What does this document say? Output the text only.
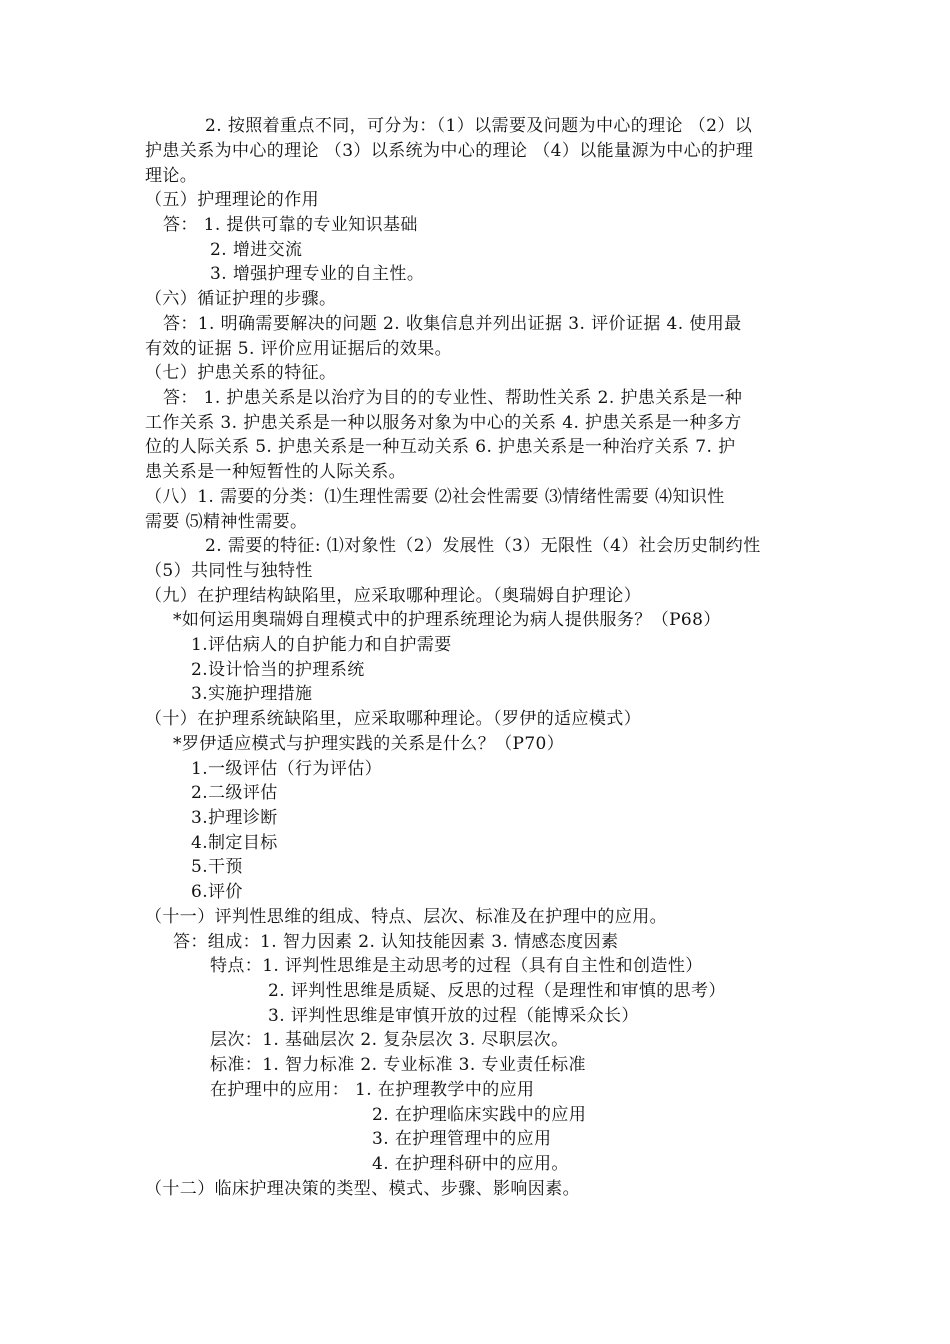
2. 按照着重点不同，可分为：（1）以需要及问题为中心的理论 （2）以
护患关系为中心的理论 （3）以系统为中心的理论 （4）以能量源为中心的护理
理论。
（五）护理理论的作用
答： 1. 提供可靠的专业知识基础
2. 增进交流
3. 增强护理专业的自主性。
（六）循证护理的步骤。
答：1. 明确需要解决的问题 2. 收集信息并列出证据 3. 评价证据 4. 使用最
有效的证据 5. 评价应用证据后的效果。
（七）护患关系的特征。
答： 1. 护患关系是以治疗为目的的专业性、帮助性关系 2. 护患关系是一种
工作关系 3. 护患关系是一种以服务对象为中心的关系 4. 护患关系是一种多方
位的人际关系 5. 护患关系是一种互动关系 6. 护患关系是一种治疗关系 7. 护
患关系是一种短暂性的人际关系。
（八）1. 需要的分类：⑴生理性需要 ⑵社会性需要 ⑶情绪性需要 ⑷知识性
需要 ⑸精神性需要。
2. 需要的特征: ⑴对象性（2）发展性（3）无限性（4）社会历史制约性
（5）共同性与独特性
（九）在护理结构缺陷里，应采取哪种理论。（奥瑞姆自护理论）
*如何运用奥瑞姆自理模式中的护理系统理论为病人提供服务？（P68）
1.评估病人的自护能力和自护需要
2.设计恰当的护理系统
3.实施护理措施
（十）在护理系统缺陷里，应采取哪种理论。（罗伊的适应模式）
*罗伊适应模式与护理实践的关系是什么？（P70）
1.一级评估（行为评估）
2.二级评估
3.护理诊断
4.制定目标
5.干预
6.评价
（十一）评判性思维的组成、特点、层次、标准及在护理中的应用。
答：组成：1. 智力因素 2. 认知技能因素 3. 情感态度因素
特点：1. 评判性思维是主动思考的过程（具有自主性和创造性）
2. 评判性思维是质疑、反思的过程（是理性和审慎的思考）
3. 评判性思维是审慎开放的过程（能博采众长）
层次：1. 基础层次 2. 复杂层次 3. 尽职层次。
标准：1. 智力标准 2. 专业标准 3. 专业责任标准
在护理中的应用： 1. 在护理教学中的应用
2. 在护理临床实践中的应用
3. 在护理管理中的应用
4. 在护理科研中的应用。
（十二）临床护理决策的类型、模式、步骤、影响因素。
